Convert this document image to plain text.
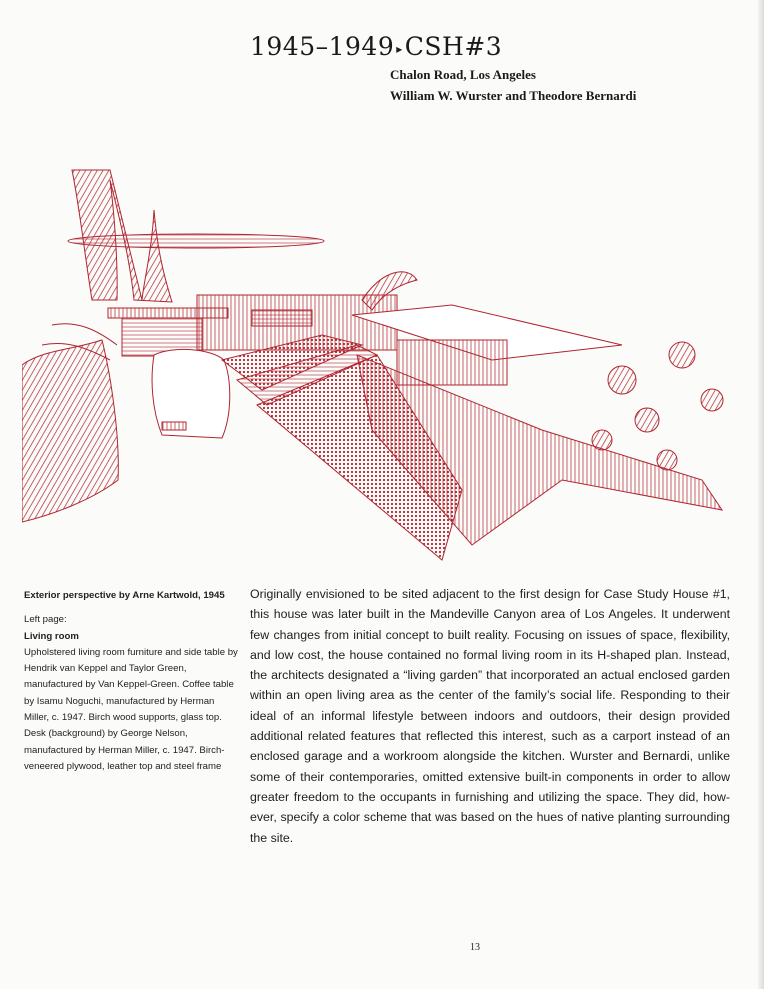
1945–1949 ▸CSH#3
Chalon Road, Los Angeles
William W. Wurster and Theodore Bernardi
Exterior perspective by Arne Kartwold, 1945
Left page:
Living room
Upholstered living room furniture and side table by Hendrik van Keppel and Taylor Green, manufactured by Van Keppel-Green. Coffee table by Isamu Noguchi, manufactured by Herman Miller, c. 1947. Birch wood supports, glass top. Desk (background) by George Nelson, manufactured by Herman Miller, c. 1947. Birch-veneered plywood, leather top and steel frame
Originally envisioned to be sited adjacent to the first design for Case Study House #1, this house was later built in the Mandeville Canyon area of Los Angeles. It underwent few changes from initial concept to built reality. Focusing on issues of space, flexibility, and low cost, the house contained no formal living room in its H-shaped plan. Instead, the architects designated a “living garden” that incorporated an actual enclosed garden within an open living area as the center of the family’s social life. Responding to their ideal of an informal lifestyle between indoors and outdoors, their design provided additional related features that reflected this interest, such as a carport instead of an enclosed garage and a workroom alongside the kitchen. Wurster and Bernardi, unlike some of their contemporaries, omitted extensive built-in components in order to allow greater freedom to the occupants in furnishing and utilizing the space. They did, however, specify a color scheme that was based on the hues of native planting surrounding the site.
13
